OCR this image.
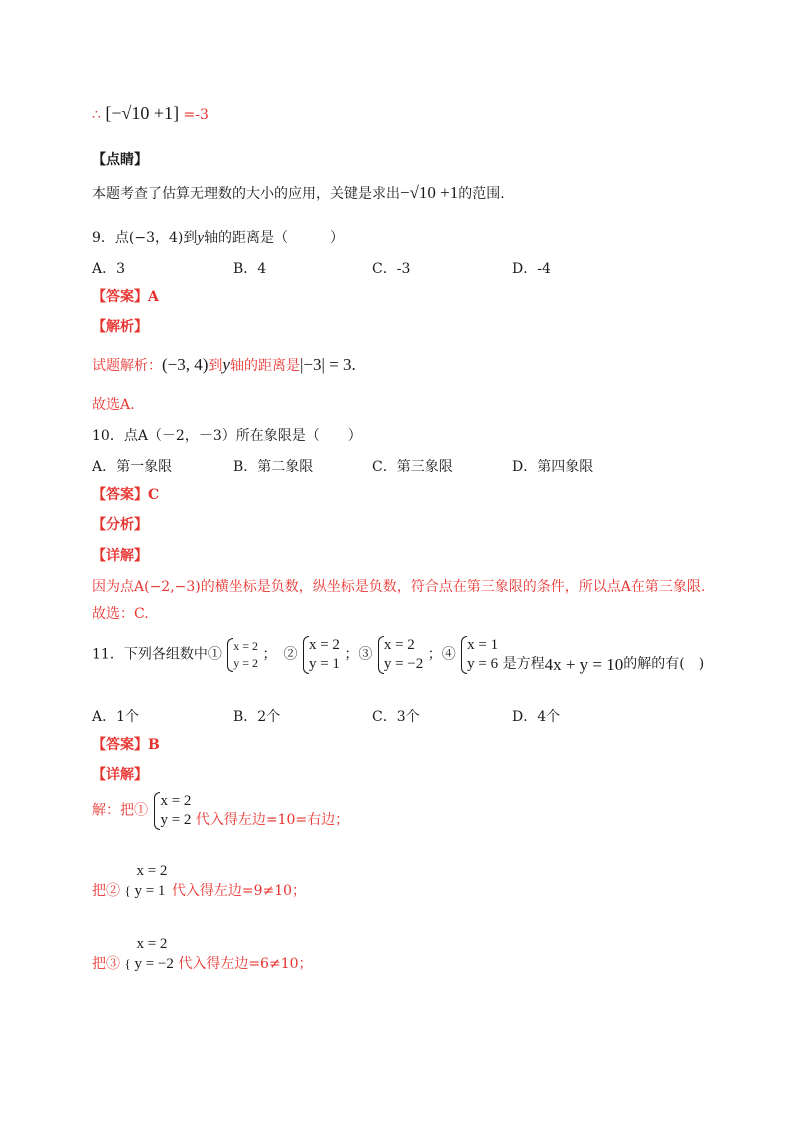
∴ [−√10 +1] =-3
【点睛】
本题考查了估算无理数的大小的应用，关键是求出−√10 +1的范围.
9．点(−3，4)到y轴的距离是（　　　）
A．3	B．4	C．-3	D．-4
【答案】A
【解析】
试题解析：(−3, 4)到y轴的距离是|−3| = 3.
故选A.
10．点A（－2，－3）所在象限是（　　）
A．第一象限	B．第二象限	C．第三象限	D．第四象限
【答案】C
【分析】
【详解】
因为点A(−2,−3)的横坐标是负数，纵坐标是负数，符合点在第三象限的条件，所以点A在第三象限.
故选：C.
11．下列各组数中①
x = 2
y = 2
；　②
x = 2
y = 1
；③
x = 2
y = −2
；④
x = 1
y = 6 是方程4x + y = 10的解的有(　)
A．1个	B．2个	C．3个	D．4个
【答案】B
【详解】
解：把①
x = 2
y = 2 代入得左边=10=右边；
把②
x = 2
{ y = 1 代入得左边=9≠10；
把③
x = 2
{ y = −2 代入得左边=6≠10；
